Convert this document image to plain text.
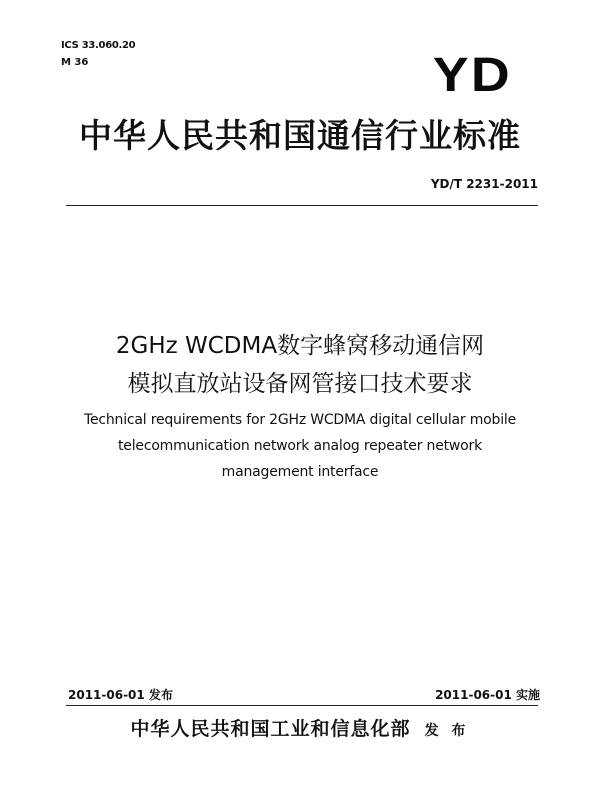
ICS 33.060.20
M 36	YD
中华人民共和国通信行业标准
YD/T 2231-2011
2GHz WCDMA数字蜂窝移动通信网
模拟直放站设备网管接口技术要求
Technical requirements for 2GHz WCDMA digital cellular mobile
telecommunication network analog repeater network
management interface
2011-06-01 发布	2011-06-01 实施
中华人民共和国工业和信息化部 发 布
